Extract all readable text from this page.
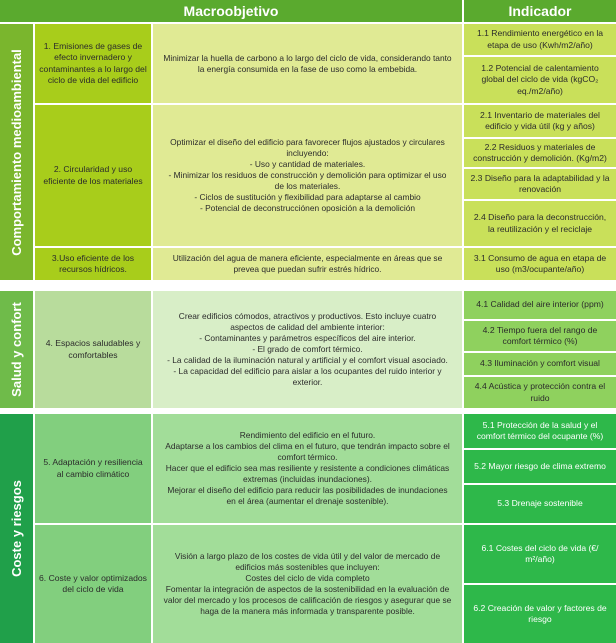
Macroobjetivo	Indicador
Comportamiento medioambiental
1. Emisiones de gases de efecto invernadero y contaminantes a lo largo del ciclo de vida del edificio
Minimizar la huella de carbono a lo largo del ciclo de vida, considerando tanto la energía consumida en la fase de uso como la embebida.
1.1 Rendimiento energético en la etapa de uso (Kwh/m2/año)
1.2 Potencial de calentamiento global del ciclo de vida (kgCO₂ eq./m2/año)
2. Circularidad y uso eficiente de los materiales
Optimizar el diseño del edificio para favorecer flujos ajustados y circulares incluyendo:
- Uso y cantidad de materiales.
- Minimizar los residuos de construcción y demolición para optimizar el uso de los materiales.
- Ciclos de sustitución y flexibilidad para adaptarse al cambio
- Potencial de deconstrucciónen oposición a la demolición
2.1 Inventario de materiales del edificio y vida útil (kg y años)
2.2 Residuos y materiales de construcción y demolición. (Kg/m2)
2.3 Diseño para la adaptabilidad y la renovación
2.4 Diseño para la deconstrucción, la reutilización y el reciclaje
3.Uso eficiente de los recursos hídricos.
Utilización del agua de manera eficiente, especialmente en áreas que se prevea que puedan sufrir estrés hídrico.
3.1 Consumo de agua en etapa de uso (m3/ocupante/año)
Salud y confort	4. Espacios saludables y comfortables
Crear edificios cómodos, atractivos y productivos. Esto incluye cuatro aspectos de calidad del ambiente interior:
- Contaminantes y parámetros específicos del aire interior.
- El grado de comfort térmico.
- La calidad de la iluminación natural y artificial y el comfort visual asociado.
- La capacidad del edificio para aislar a los ocupantes del ruido interior y exterior.
4.1 Calidad del aire interior (ppm)
4.2 Tiempo fuera del rango de comfort térmico (%)
4.3 Iluminación y comfort visual
4.4 Acústica y protección contra el ruido
Coste y riesgos
5. Adaptación y resiliencia al cambio climático
Rendimiento del edificio en el futuro.
Adaptarse a los cambios del clima en el futuro, que tendrán impacto sobre el comfort térmico.
Hacer que el edificio sea mas resiliente y resistente a condiciones climáticas extremas (incluidas inundaciones).
Mejorar el diseño del edificio para reducir las posibilidades de inundaciones en el área (aumentar el drenaje sostenible).
5.1 Protección de la salud y el comfort térmico del ocupante (%)
5.2 Mayor riesgo de clima extremo
5.3 Drenaje sostenible
6. Coste y valor optimizados del ciclo de vida
Visión a largo plazo de los costes de vida útil y del valor de mercado de edificios más sostenibles que incluyen:
Costes del ciclo de vida completo
Fomentar la integración de aspectos de la sostenibilidad en la evaluación de valor del mercado y los procesos de calificación de riesgos y asegurar que se haga de la manera más informada y transparente posible.
6.1 Costes del ciclo de vida (€/ m²/año)
6.2 Creación de valor y factores de riesgo
